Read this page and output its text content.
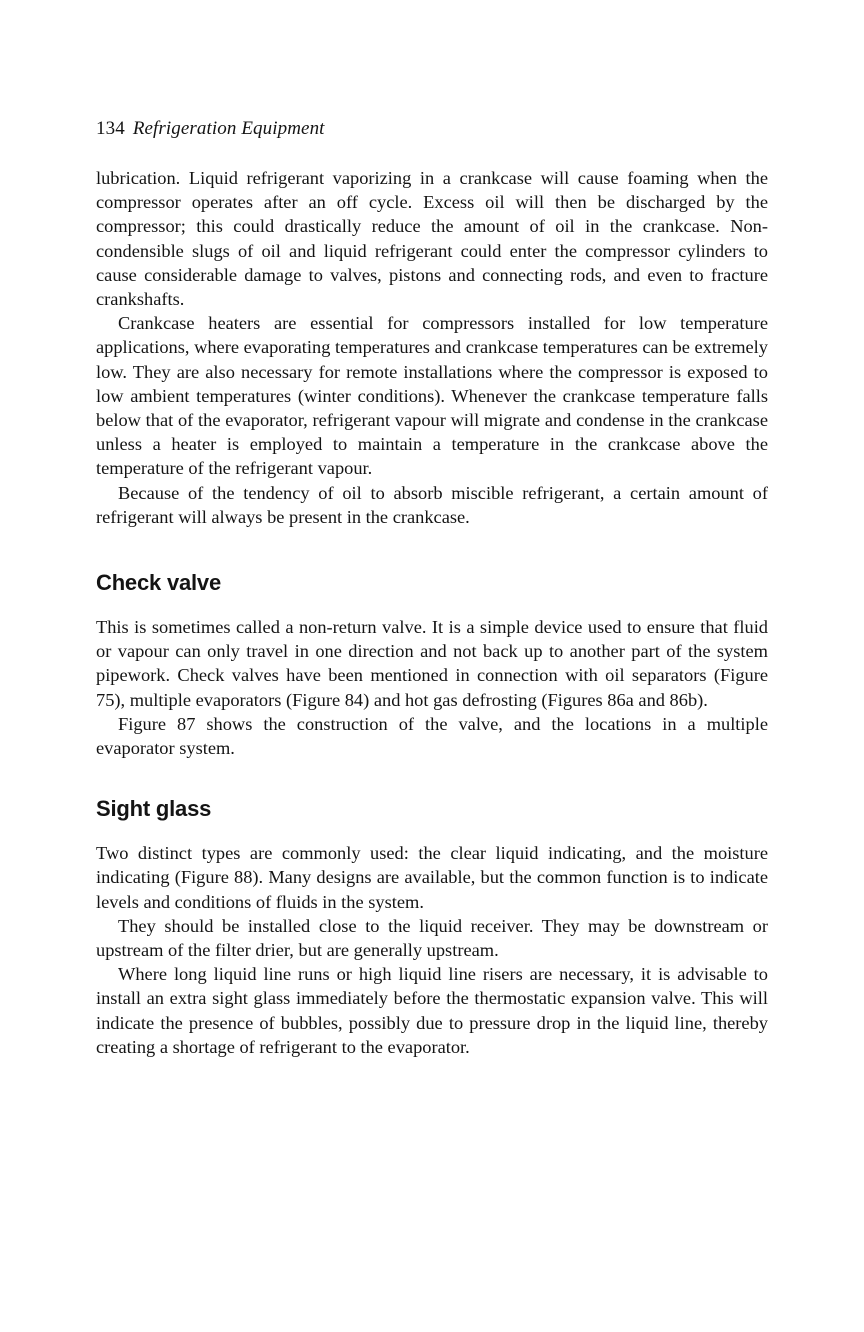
134 Refrigeration Equipment

lubrication. Liquid refrigerant vaporizing in a crankcase will cause foaming when the compressor operates after an off cycle. Excess oil will then be discharged by the compressor; this could drastically reduce the amount of oil in the crankcase. Non-condensible slugs of oil and liquid refrigerant could enter the compressor cylinders to cause considerable damage to valves, pistons and connecting rods, and even to fracture crankshafts.

Crankcase heaters are essential for compressors installed for low temperature applications, where evaporating temperatures and crankcase temperatures can be extremely low. They are also necessary for remote installations where the compressor is exposed to low ambient temperatures (winter conditions). Whenever the crankcase temperature falls below that of the evaporator, refrigerant vapour will migrate and condense in the crankcase unless a heater is employed to maintain a temperature in the crankcase above the temperature of the refrigerant vapour.

Because of the tendency of oil to absorb miscible refrigerant, a certain amount of refrigerant will always be present in the crankcase.

Check valve

This is sometimes called a non-return valve. It is a simple device used to ensure that fluid or vapour can only travel in one direction and not back up to another part of the system pipework. Check valves have been mentioned in connection with oil separators (Figure 75), multiple evaporators (Figure 84) and hot gas defrosting (Figures 86a and 86b).

Figure 87 shows the construction of the valve, and the locations in a multiple evaporator system.

Sight glass

Two distinct types are commonly used: the clear liquid indicating, and the moisture indicating (Figure 88). Many designs are available, but the common function is to indicate levels and conditions of fluids in the system.

They should be installed close to the liquid receiver. They may be downstream or upstream of the filter drier, but are generally upstream.

Where long liquid line runs or high liquid line risers are necessary, it is advisable to install an extra sight glass immediately before the thermostatic expansion valve. This will indicate the presence of bubbles, possibly due to pressure drop in the liquid line, thereby creating a shortage of refrigerant to the evaporator.
